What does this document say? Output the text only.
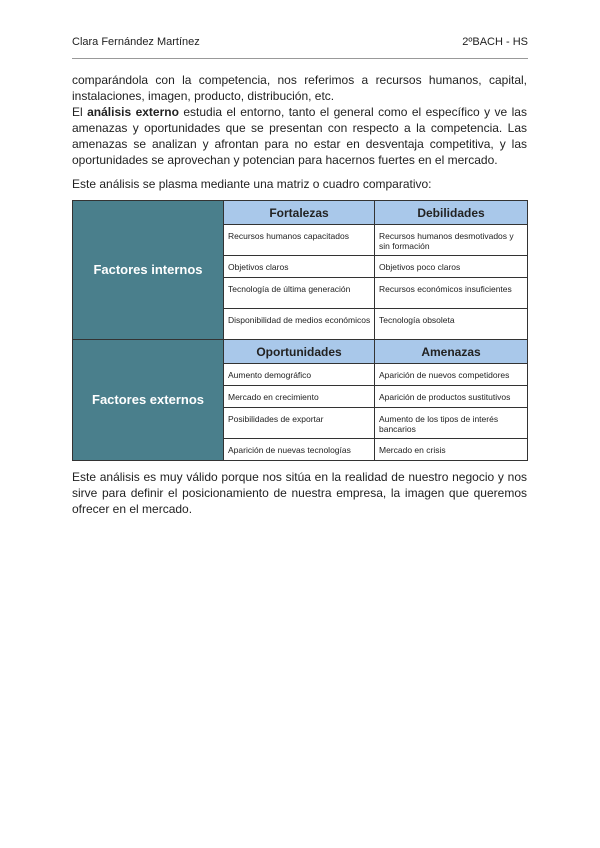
Clara Fernández Martínez	2ºBACH - HS

comparándola con la competencia, nos referimos a recursos humanos, capital, instalaciones, imagen, producto, distribución, etc.

El análisis externo estudia el entorno, tanto el general como el específico y ve las amenazas y oportunidades que se presentan con respecto a la competencia. Las amenazas se analizan y afrontan para no estar en desventaja competitiva, y las oportunidades se aprovechan y potencian para hacernos fuertes en el mercado.

Este análisis se plasma mediante una matriz o cuadro comparativo:

Factores internos	Fortalezas	Debilidades
	Recursos humanos capacitados	Recursos humanos desmotivados y sin formación
	Objetivos claros	Objetivos poco claros
	Tecnología de última generación	Recursos económicos insuficientes
	Disponibilidad de medios económicos	Tecnología obsoleta
Factores externos	Oportunidades	Amenazas
	Aumento demográfico	Aparición de nuevos competidores
	Mercado en crecimiento	Aparición de productos sustitutivos
	Posibilidades de exportar	Aumento de los tipos de interés bancarios
	Aparición de nuevas tecnologías	Mercado en crisis

Este análisis es muy válido porque nos sitúa en la realidad de nuestro negocio y nos sirve para definir el posicionamiento de nuestra empresa, la imagen que queremos ofrecer en el mercado.
